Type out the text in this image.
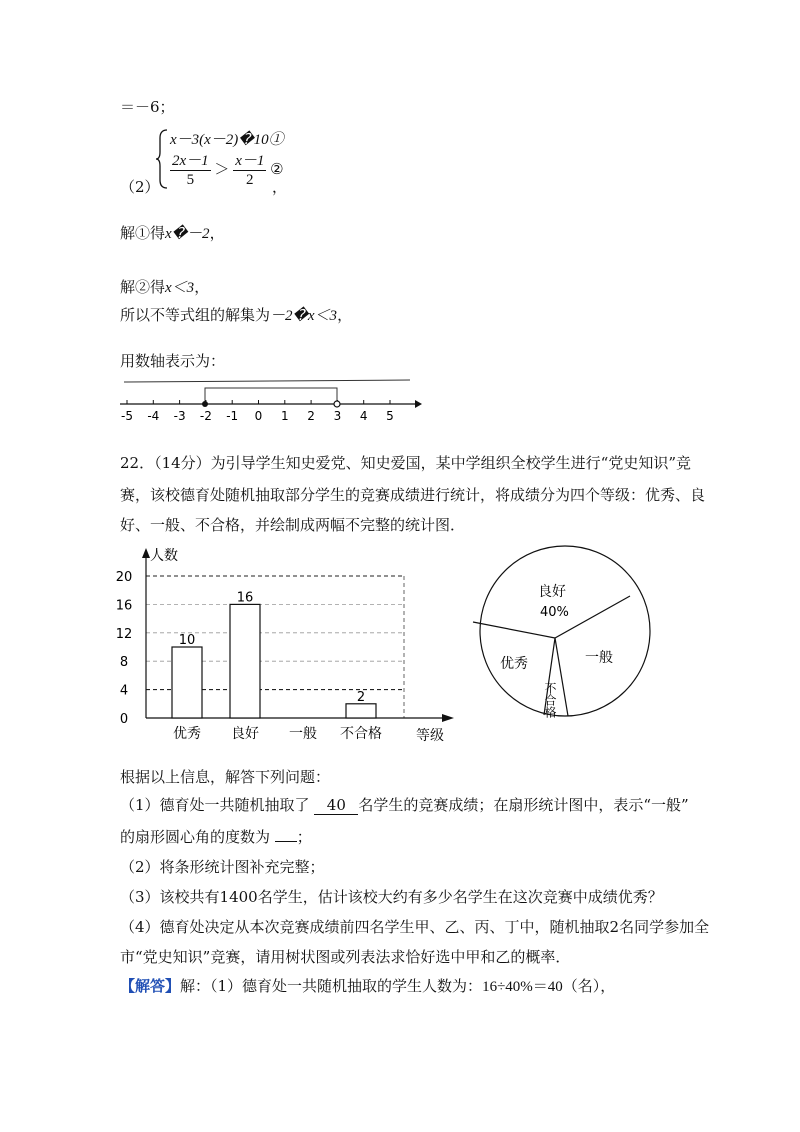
＝－6；
（2）
x－3(x－2)�10①
$\frac{2x-1}{5} > \frac{x-1}{2}$ ②
，
解①得x�－2，
解②得x＜3，
所以不等式组的解集为－2�x＜3，
用数轴表示为：
-5 -4 -3 -2 -1 0 1 2 3 4 5
22．（14分）为引导学生知史爱党、知史爱国，某中学组织全校学生进行“党史知识”竞
赛，该校德育处随机抽取部分学生的竞赛成绩进行统计，将成绩分为四个等级：优秀、良
好、一般、不合格，并绘制成两幅不完整的统计图．
人数
等级
0
4
8
12
16
20
10
优秀
16
良好 一般
2
不合格
良好
40%
一般
优秀
不合格
根据以上信息，解答下列问题：
（1）德育处一共随机抽取了 40 名学生的竞赛成绩；在扇形统计图中，表示“一般”
的扇形圆心角的度数为 ；
（2）将条形统计图补充完整；
（3）该校共有1400名学生，估计该校大约有多少名学生在这次竞赛中成绩优秀？
（4）德育处决定从本次竞赛成绩前四名学生甲、乙、丙、丁中，随机抽取2名同学参加全
市“党史知识”竞赛，请用树状图或列表法求恰好选中甲和乙的概率．
【解答】解：（1）德育处一共随机抽取的学生人数为：16÷40%＝40（名），
